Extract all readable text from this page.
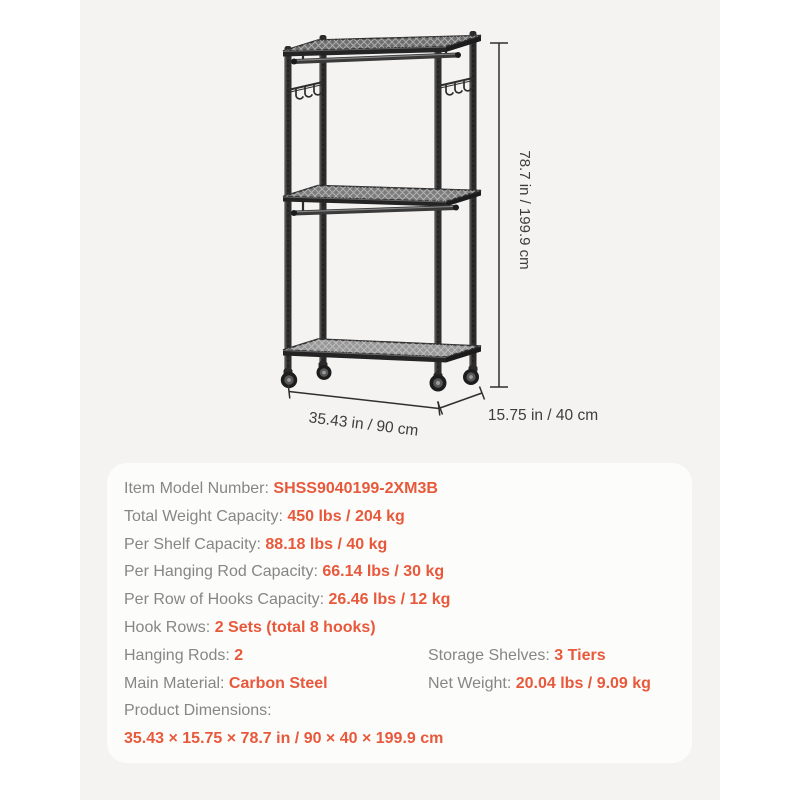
78.7 in / 199.9 cm
35.43 in / 90 cm	15.75 in / 40 cm
Item Model Number: SHSS9040199-2XM3B
Total Weight Capacity: 450 lbs / 204 kg
Per Shelf Capacity: 88.18 lbs / 40 kg
Per Hanging Rod Capacity: 66.14 lbs / 30 kg
Per Row of Hooks Capacity: 26.46 lbs / 12 kg
Hook Rows: 2 Sets (total 8 hooks)
Hanging Rods: 2	Storage Shelves: 3 Tiers
Main Material: Carbon Steel	Net Weight: 20.04 lbs / 9.09 kg
Product Dimensions:
35.43 × 15.75 × 78.7 in / 90 × 40 × 199.9 cm
